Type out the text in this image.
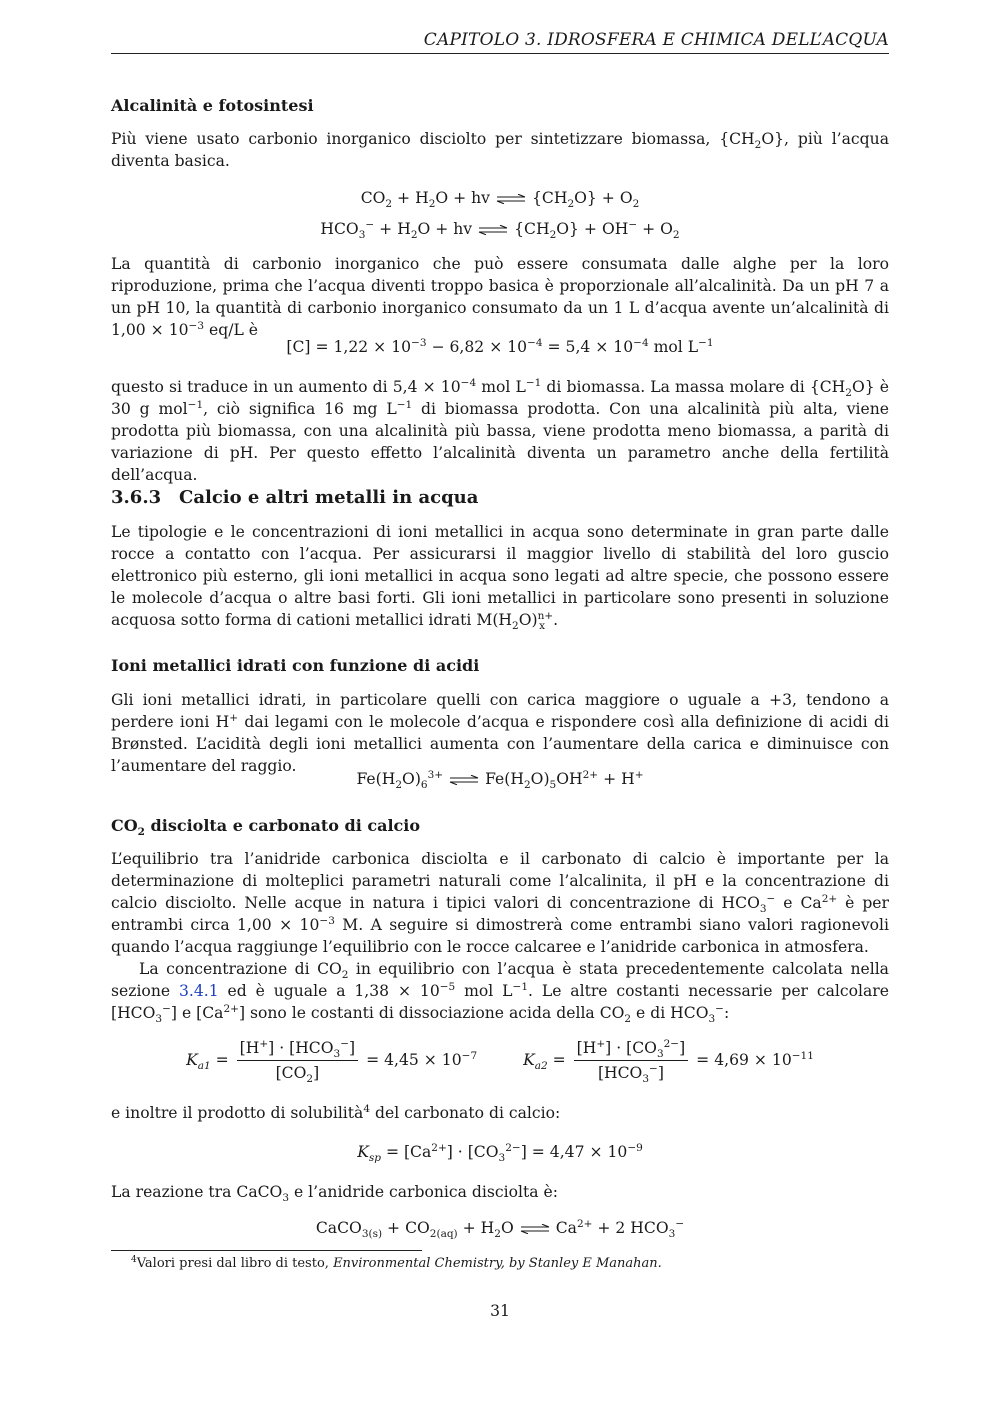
CAPITOLO 3. IDROSFERA E CHIMICA DELL’ACQUA
Alcalinità e fotosintesi
Più viene usato carbonio inorganico disciolto per sintetizzare biomassa, $\{CH_2O\}$, più l’acqua diventa basica.
$CO_2 + H_2O$ + hv	$\{CH_2O\} + O_2$
$HCO_3^- + H_2O$ + hv	$\{CH_2O\} + OH^- + O_2$
La quantità di carbonio inorganico che può essere consumata dalle alghe per la loro riproduzione, prima che l’acqua diventi troppo basica è proporzionale all’alcalinità. Da un pH 7 a un pH 10, la quantità di carbonio inorganico consumato da un 1 L d’acqua avente un’alcalinità di $1,00 \times 10^{-3}$ eq/L è
$[C] = 1,22 \times 10^{-3} - 6,82 \times 10^{-4} = 5,4 \times 10^{-4}$ mol $L^{-1}$
questo si traduce in un aumento di $5,4 \times 10^{-4}$ mol $L^{-1}$ di biomassa. La massa molare di $\{CH_2O\}$ è 30 g mol$^{-1}$, ciò significa 16 mg $L^{-1}$ di biomassa prodotta. Con una alcalinità più alta, viene prodotta più biomassa, con una alcalinità più bassa, viene prodotta meno biomassa, a parità di variazione di pH. Per questo effetto l’alcalinità diventa un parametro anche della fertilità dell’acqua.
3.6.3 Calcio e altri metalli in acqua
Le tipologie e le concentrazioni di ioni metallici in acqua sono determinate in gran parte dalle rocce a contatto con l’acqua. Per assicurarsi il maggior livello di stabilità del loro guscio elettronico più esterno, gli ioni metallici in acqua sono legati ad altre specie, che possono essere le molecole d’acqua o altre basi forti. Gli ioni metallici in particolare sono presenti in soluzione acquosa sotto forma di cationi metallici idrati $M(H_2O)^{n+}_x$ .
Ioni metallici idrati con funzione di acidi
Gli ioni metallici idrati, in particolare quelli con carica maggiore o uguale a +3, tendono a perdere ioni H+ dai legami con le molecole d’acqua e rispondere così alla definizione di acidi di Brønsted. L’acidità degli ioni metallici aumenta con l’aumentare della carica e diminuisce con l’aumentare del raggio.
$Fe(H_2O)_6^{3+}$	$Fe(H_2O)_5OH^{2+} + H^+$
$CO_2$ disciolta e carbonato di calcio
L’equilibrio tra l’anidride carbonica disciolta e il carbonato di calcio è importante per la determinazione di molteplici parametri naturali come l’alcalinita, il pH e la concentrazione di calcio disciolto. Nelle acque in natura i tipici valori di concentrazione di $HCO_3^-$ e $Ca^{2+}$ è per entrambi circa $1,00 \times 10^{-3}$ M. A seguire si dimostrerà come entrambi siano valori ragionevoli quando l’acqua raggiunge l’equilibrio con le rocce calcaree e l’anidride carbonica in atmosfera.
La concentrazione di $CO_2$ in equilibrio con l’acqua è stata precedentemente calcolata nella sezione 3.4.1 ed è uguale a $1,38 \times 10^{-5}$ mol $L^{-1}$. Le altre costanti necessarie per calcolare $[HCO_3^-]$ e $[Ca^{2+}]$ sono le costanti di dissociazione acida della $CO_2$ e di $HCO_3^-$:
$K_{a1} = \frac{[H^+] \cdot [HCO_3^-]}{[CO_2]} = 4,45 \times 10^{-7}$	$K_{a2} = \frac{[H^+] \cdot [CO_3^{2-}]}{[HCO_3^-]} = 4,69 \times 10^{-11}$
e inoltre il prodotto di solubilità$^4$ del carbonato di calcio:
$K_{sp} = [Ca^{2+}] \cdot [CO_3^{2-}] = 4,47 \times 10^{-9}$
La reazione tra CaCO$_3$ e l’anidride carbonica disciolta è:
CaCO$_{3(s)}$ + $CO_{2(aq)} + H_2O$	$Ca^{2+} + 2$ $HCO_3^-$
$^4$Valori presi dal libro di testo, Environmental Chemistry, by Stanley E Manahan.
31
